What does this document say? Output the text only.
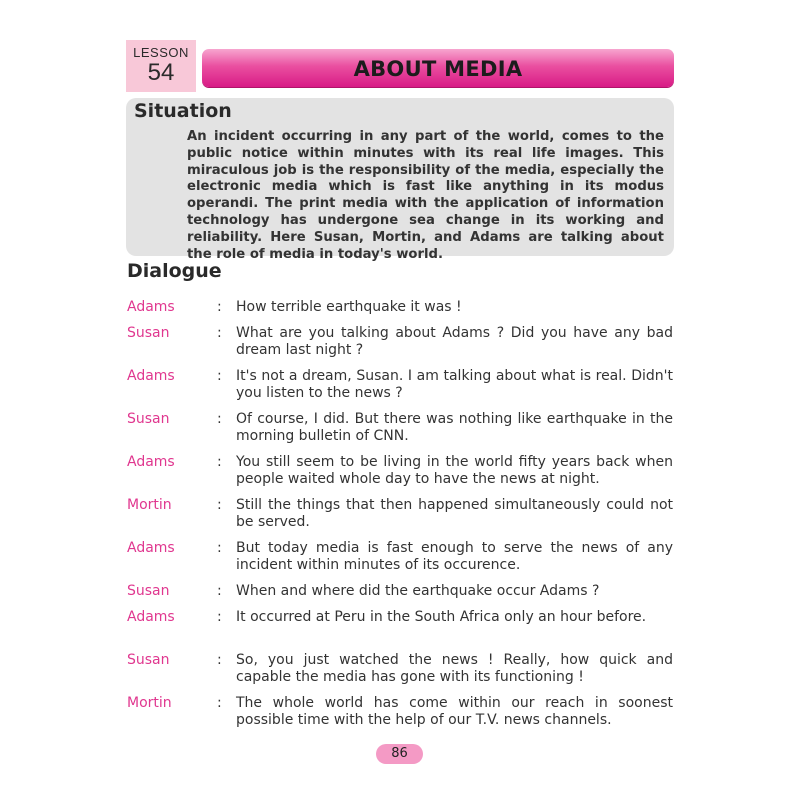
LESSON
54	ABOUT MEDIA
Situation
An incident occurring in any part of the world, comes to the public notice within minutes with its real life images. This miraculous job is the responsibility of the media, especially the electronic media which is fast like anything in its modus operandi. The print media with the application of information technology has undergone sea change in its working and reliability. Here Susan, Mortin, and Adams are talking about the role of media in today's world.
Dialogue
Adams	: How terrible earthquake it was !
Susan	: What are you talking about Adams ? Did you have any bad dream last night ?
Adams	: It's not a dream, Susan. I am talking about what is real. Didn't you listen to the news ?
Susan	: Of course, I did. But there was nothing like earthquake in the morning bulletin of CNN.
Adams	: You still seem to be living in the world fifty years back when people waited whole day to have the news at night.
Mortin	: Still the things that then happened simultaneously could not be served.
Adams	: But today media is fast enough to serve the news of any incident within minutes of its occurence.
Susan	: When and where did the earthquake occur Adams ?
Adams	: It occurred at Peru in the South Africa only an hour before.
Susan	: So, you just watched the news ! Really, how quick and capable the media has gone with its functioning !
Mortin	: The whole world has come within our reach in soonest possible time with the help of our T.V. news channels.
86
